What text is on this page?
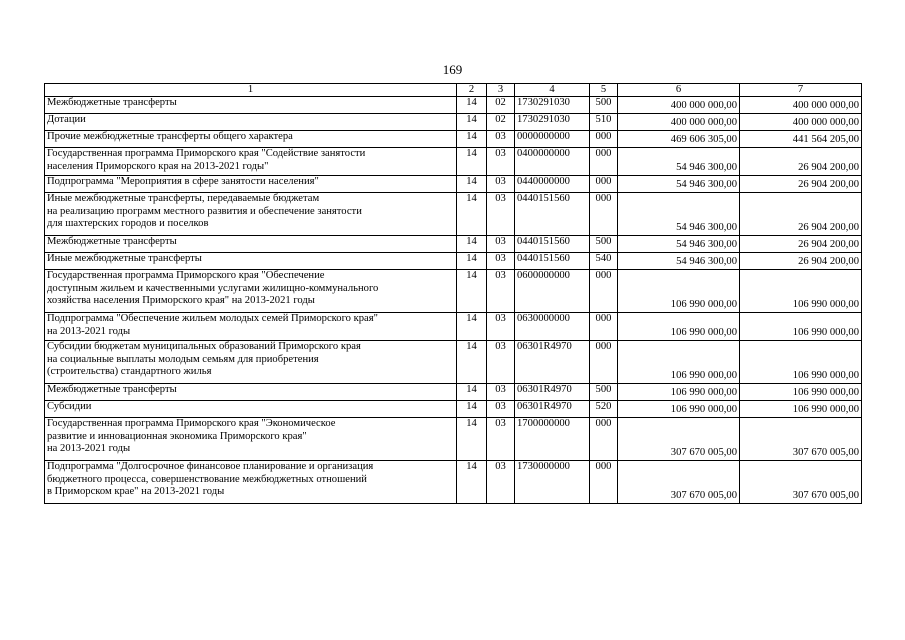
169
1	2	3	4	5	6	7

Межбюджетные трансферты	14	02	1730291030	500	400 000 000,00	400 000 000,00

Дотации	14	02	1730291030	510	400 000 000,00	400 000 000,00

Прочие межбюджетные трансферты общего характера	14	03	0000000000	000	469 606 305,00	441 564 205,00

Государственная программа Приморского края "Содействие занятости
населения Приморского края на 2013-2021 годы"	14	03	0400000000	000	54 946 300,00	26 904 200,00

Подпрограмма "Мероприятия в сфере занятости населения"	14	03	0440000000	000	54 946 300,00	26 904 200,00

Иные межбюджетные трансферты, передаваемые бюджетам
на реализацию программ местного развития и обеспечение занятости
для шахтерских городов и поселков	14	03	0440151560	000	54 946 300,00	26 904 200,00

Межбюджетные трансферты	14	03	0440151560	500	54 946 300,00	26 904 200,00

Иные межбюджетные трансферты	14	03	0440151560	540	54 946 300,00	26 904 200,00

Государственная программа Приморского края "Обеспечение
доступным жильем и качественными услугами жилищно-коммунального
хозяйства населения Приморского края" на 2013-2021 годы	14	03	0600000000	000	106 990 000,00	106 990 000,00

Подпрограмма "Обеспечение жильем молодых семей Приморского края"
на 2013-2021 годы	14	03	0630000000	000	106 990 000,00	106 990 000,00

Субсидии бюджетам муниципальных образований Приморского края
на социальные выплаты молодым семьям для приобретения
(строительства) стандартного жилья	14	03	06301R4970	000	106 990 000,00	106 990 000,00

Межбюджетные трансферты	14	03	06301R4970	500	106 990 000,00	106 990 000,00

Субсидии	14	03	06301R4970	520	106 990 000,00	106 990 000,00

Государственная программа Приморского края "Экономическое
развитие и инновационная экономика Приморского края"
на 2013-2021 годы	14	03	1700000000	000	307 670 005,00	307 670 005,00

Подпрограмма "Долгосрочное финансовое планирование и организация
бюджетного процесса, совершенствование межбюджетных отношений
в Приморском крае" на 2013-2021 годы	14	03	1730000000	000	307 670 005,00	307 670 005,00
